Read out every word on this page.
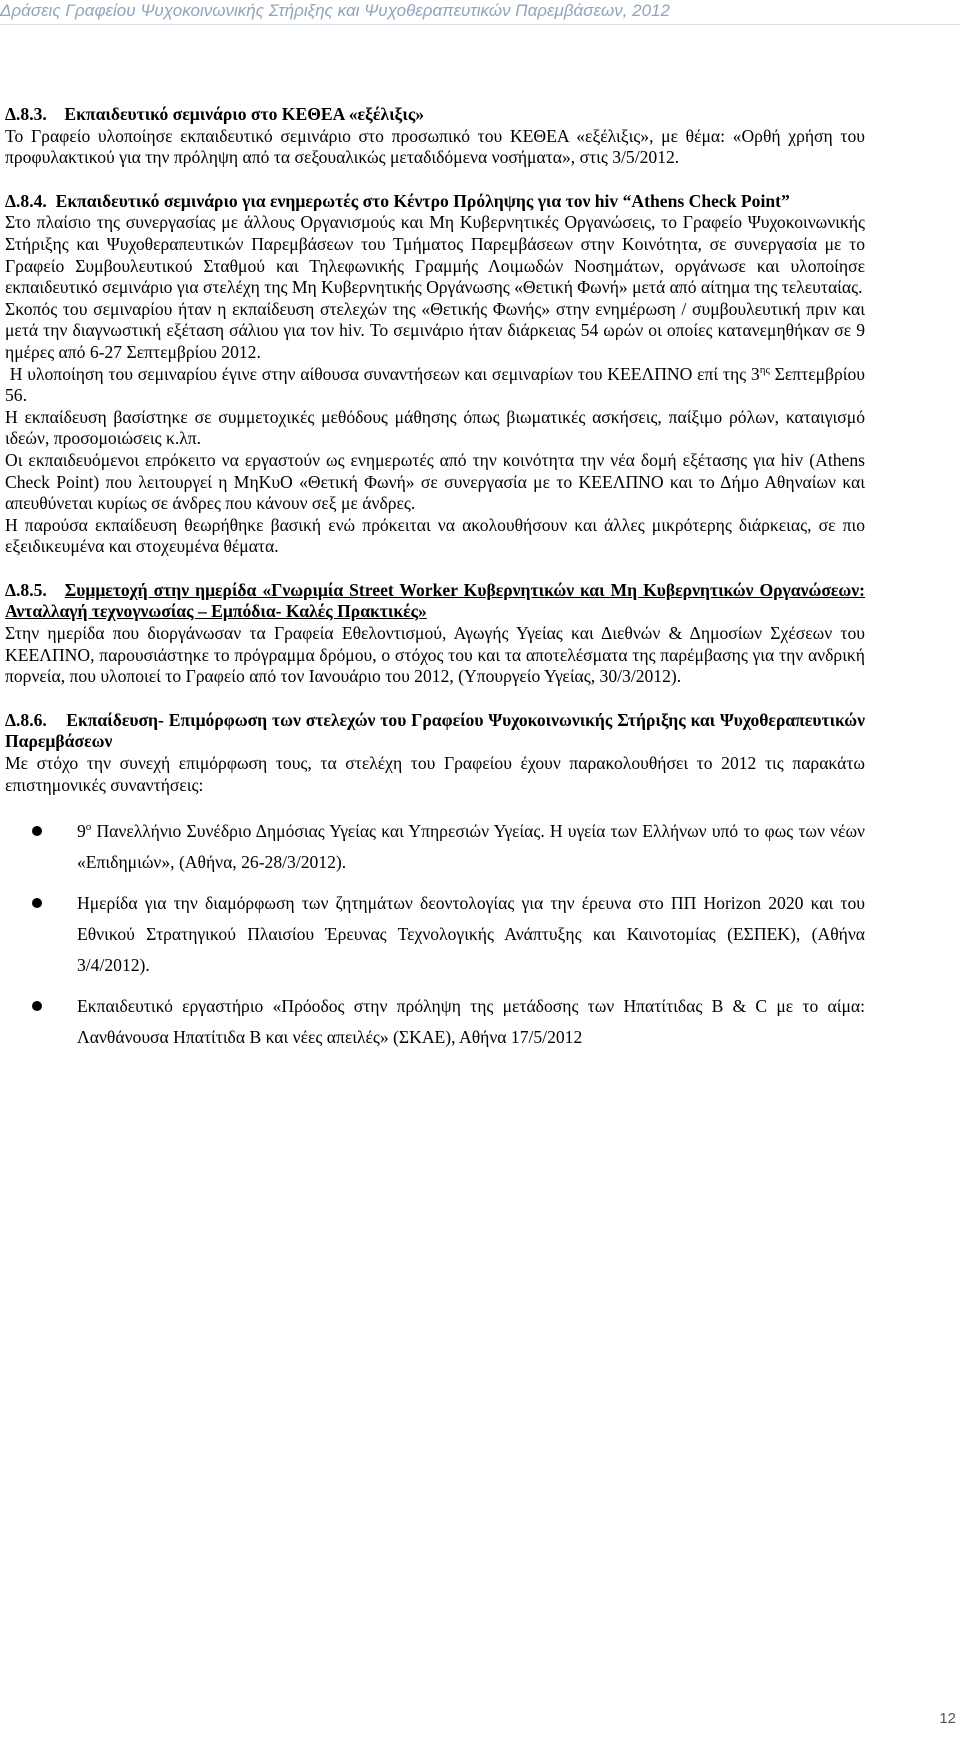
Δράσεις Γραφείου Ψυχοκοινωνικής Στήριξης και Ψυχοθεραπευτικών Παρεμβάσεων, 2012

Δ.8.3. Εκπαιδευτικό σεμινάριο στο ΚΕΘΕΑ «εξέλιξις»

Το Γραφείο υλοποίησε εκπαιδευτικό σεμινάριο στο προσωπικό του ΚΕΘΕΑ «εξέλιξις», με θέμα: «Ορθή χρήση του προφυλακτικού για την πρόληψη από τα σεξουαλικώς μεταδιδόμενα νοσήματα», στις 3/5/2012.

Δ.8.4. Εκπαιδευτικό σεμινάριο για ενημερωτές στο Κέντρο Πρόληψης για τον hiv “Athens Check Point”

Στο πλαίσιο της συνεργασίας με άλλους Οργανισμούς και Μη Κυβερνητικές Οργανώσεις, το Γραφείο Ψυχοκοινωνικής Στήριξης και Ψυχοθεραπευτικών Παρεμβάσεων του Τμήματος Παρεμβάσεων στην Κοινότητα, σε συνεργασία με το Γραφείο Συμβουλευτικού Σταθμού και Τηλεφωνικής Γραμμής Λοιμωδών Νοσημάτων, οργάνωσε και υλοποίησε εκπαιδευτικό σεμινάριο για στελέχη της Μη Κυβερνητικής Οργάνωσης «Θετική Φωνή» μετά από αίτημα της τελευταίας.

Σκοπός του σεμιναρίου ήταν η εκπαίδευση στελεχών της «Θετικής Φωνής» στην ενημέρωση / συμβουλευτική πριν και μετά την διαγνωστική εξέταση σάλιου για τον hiv. Το σεμινάριο ήταν διάρκειας 54 ωρών οι οποίες κατανεμηθήκαν σε 9 ημέρες από 6-27 Σεπτεμβρίου 2012.

Η υλοποίηση του σεμιναρίου έγινε στην αίθουσα συναντήσεων και σεμιναρίων του ΚΕΕΛΠΝΟ επί της $3^{\eta\varsigma}$ Σεπτεμβρίου 56.

Η εκπαίδευση βασίστηκε σε συμμετοχικές μεθόδους μάθησης όπως βιωματικές ασκήσεις, παίξιμο ρόλων, καταιγισμό ιδεών, προσομοιώσεις κ.λπ.

Οι εκπαιδευόμενοι επρόκειτο να εργαστούν ως ενημερωτές από την κοινότητα την νέα δομή εξέτασης για hiv (Athens Check Point) που λειτουργεί η ΜηΚυΟ «Θετική Φωνή» σε συνεργασία με το ΚΕΕΛΠΝΟ και το Δήμο Αθηναίων και απευθύνεται κυρίως σε άνδρες που κάνουν σεξ με άνδρες.

Η παρούσα εκπαίδευση θεωρήθηκε βασική ενώ πρόκειται να ακολουθήσουν και άλλες μικρότερης διάρκειας, σε πιο εξειδικευμένα και στοχευμένα θέματα.

Δ.8.5. Συμμετοχή στην ημερίδα «Γνωριμία Street Worker Κυβερνητικών και Μη Κυβερνητικών Οργανώσεων: Ανταλλαγή τεχνογνωσίας – Εμπόδια- Καλές Πρακτικές»

Στην ημερίδα που διοργάνωσαν τα Γραφεία Εθελοντισμού, Αγωγής Υγείας και Διεθνών & Δημοσίων Σχέσεων του ΚΕΕΛΠΝΟ, παρουσιάστηκε το πρόγραμμα δρόμου, ο στόχος του και τα αποτελέσματα της παρέμβασης για την ανδρική πορνεία, που υλοποιεί το Γραφείο από τον Ιανουάριο του 2012, (Υπουργείο Υγείας, 30/3/2012).

Δ.8.6. Εκπαίδευση- Επιμόρφωση των στελεχών του Γραφείου Ψυχοκοινωνικής Στήριξης και Ψυχοθεραπευτικών Παρεμβάσεων

Με στόχο την συνεχή επιμόρφωση τους, τα στελέχη του Γραφείου έχουν παρακολουθήσει το 2012 τις παρακάτω επιστημονικές συναντήσεις:

$9^o$ Πανελλήνιο Συνέδριο Δημόσιας Υγείας και Υπηρεσιών Υγείας. Η υγεία των Ελλήνων υπό το φως των νέων «Επιδημιών», (Αθήνα, 26-28/3/2012).
Ημερίδα για την διαμόρφωση των ζητημάτων δεοντολογίας για την έρευνα στο ΠΠ Horizon 2020 και του Εθνικού Στρατηγικού Πλαισίου Έρευνας Τεχνολογικής Ανάπτυξης και Καινοτομίας (ΕΣΠΕΚ), (Αθήνα 3/4/2012).
Εκπαιδευτικό εργαστήριο «Πρόοδος στην πρόληψη της μετάδοσης των Ηπατίτιδας B & C με το αίμα: Λανθάνουσα Ηπατίτιδα B και νέες απειλές» (ΣΚΑΕ), Αθήνα 17/5/2012
12
